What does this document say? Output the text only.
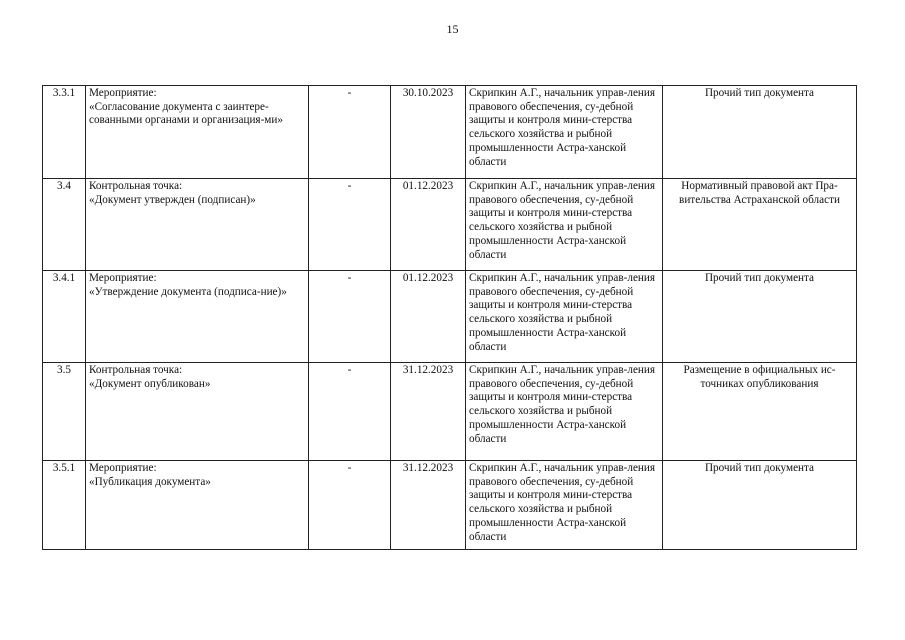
15
3.3.1	Мероприятие:
«Согласование документа с заинтере-сованными органами и организация-ми»	-	30.10.2023	Скрипкин А.Г., начальник управ-ления правового обеспечения, су-дебной защиты и контроля мини-стерства сельского хозяйства и рыбной промышленности Астра-ханской области	Прочий тип документа
3.4	Контрольная точка:
«Документ утвержден (подписан)»	-	01.12.2023	Скрипкин А.Г., начальник управ-ления правового обеспечения, су-дебной защиты и контроля мини-стерства сельского хозяйства и рыбной промышленности Астра-ханской области	Нормативный правовой акт Пра-вительства Астраханской области
3.4.1	Мероприятие:
«Утверждение документа (подписа-ние)»	-	01.12.2023	Скрипкин А.Г., начальник управ-ления правового обеспечения, су-дебной защиты и контроля мини-стерства сельского хозяйства и рыбной промышленности Астра-ханской области	Прочий тип документа
3.5	Контрольная точка:
«Документ опубликован»	-	31.12.2023	Скрипкин А.Г., начальник управ-ления правового обеспечения, су-дебной защиты и контроля мини-стерства сельского хозяйства и рыбной промышленности Астра-ханской области	Размещение в официальных ис-точниках опубликования
3.5.1	Мероприятие:
«Публикация документа»	-	31.12.2023	Скрипкин А.Г., начальник управ-ления правового обеспечения, су-дебной защиты и контроля мини-стерства сельского хозяйства и рыбной промышленности Астра-ханской области	Прочий тип документа
